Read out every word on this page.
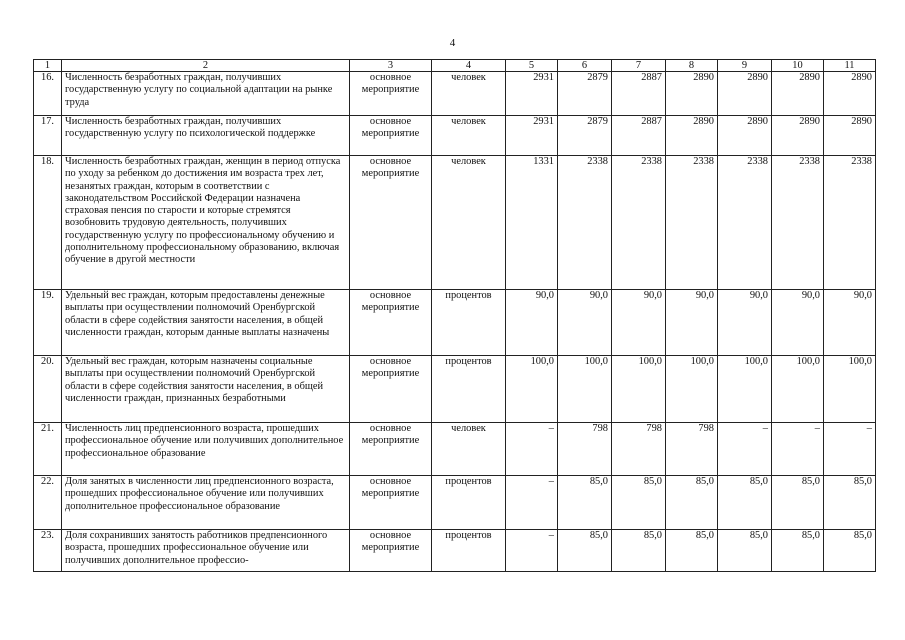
4
1	2	3	4	5	6	7	8	9	10	11
16.	Численность безработных граждан, получивших государственную услугу по социальной адаптации на рынке труда	основное мероприятие	человек	2931	2879	2887	2890	2890	2890	2890
17.	Численность безработных граждан, получивших государственную услугу по психологической поддержке	основное мероприятие	человек	2931	2879	2887	2890	2890	2890	2890
18.	Численность безработных граждан, женщин в период отпуска по уходу за ребенком до достижения им возраста трех лет, незанятых граждан, которым в соответствии с законодательством Российской Федерации назначена страховая пенсия по старости и которые стремятся возобновить трудовую деятельность, получивших государственную услугу по профессиональному обучению и дополнительному профессиональному образованию, включая обучение в другой местности	основное мероприятие	человек	1331	2338	2338	2338	2338	2338	2338
19.	Удельный вес граждан, которым предоставлены денежные выплаты при осуществлении полномочий Оренбургской области в сфере содействия занятости населения, в общей численности граждан, которым данные выплаты назначены	основное мероприятие	процентов	90,0	90,0	90,0	90,0	90,0	90,0	90,0
20.	Удельный вес граждан, которым назначены социальные выплаты при осуществлении полномочий Оренбургской области в сфере содействия занятости населения, в общей численности граждан, признанных безработными	основное мероприятие	процентов	100,0	100,0	100,0	100,0	100,0	100,0	100,0
21.	Численность лиц предпенсионного возраста, прошедших профессиональное обучение или получивших дополнительное профессиональное образование	основное мероприятие	человек	–	798	798	798	–	–	–
22.	Доля занятых в численности лиц предпенсионного возраста, прошедших профессиональное обучение или получивших дополнительное профессиональное образование	основное мероприятие	процентов	–	85,0	85,0	85,0	85,0	85,0	85,0
23.	Доля сохранивших занятость работников предпенсионного возраста, прошедших профессиональное обучение или получивших дополнительное профессио-	основное мероприятие	процентов	–	85,0	85,0	85,0	85,0	85,0	85,0
